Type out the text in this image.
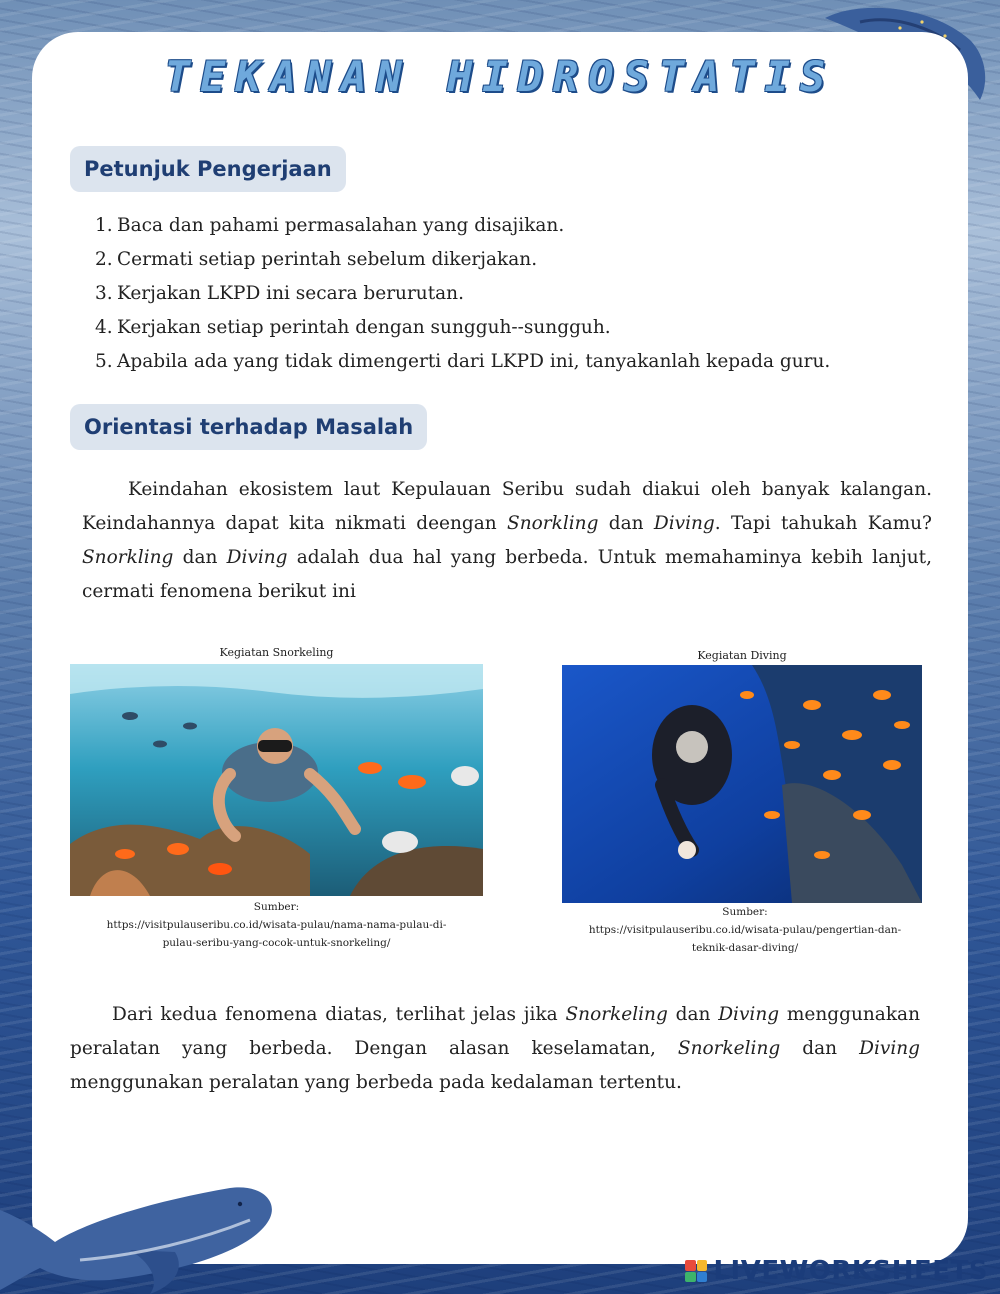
TEKANAN HIDROSTATIS
Petunjuk Pengerjaan
1. Baca dan pahami permasalahan yang disajikan.
2. Cermati setiap perintah sebelum dikerjakan.
3. Kerjakan LKPD ini secara berurutan.
4. Kerjakan setiap perintah dengan sungguh--sungguh.
5. Apabila ada yang tidak dimengerti dari LKPD ini, tanyakanlah kepada guru.
Orientasi terhadap Masalah

Keindahan ekosistem laut Kepulauan Seribu sudah diakui oleh banyak kalangan. Keindahannya dapat kita nikmati deengan Snorkling dan Diving. Tapi tahukah Kamu? Snorkling dan Diving adalah dua hal yang berbeda. Untuk memahaminya kebih lanjut, cermati fenomena berikut ini

Kegiatan Snorkeling
Sumber:
https://visitpulauseribu.co.id/wisata-pulau/nama-nama-pulau-di-pulau-seribu-yang-cocok-untuk-snorkeling/
Kegiatan Diving
Sumber:
https://visitpulauseribu.co.id/wisata-pulau/pengertian-dan-teknik-dasar-diving/

Dari kedua fenomena diatas, terlihat jelas jika Snorkeling dan Diving menggunakan peralatan yang berbeda. Dengan alasan keselamatan, Snorkeling dan Diving menggunakan peralatan yang berbeda pada kedalaman tertentu.

LIVEWORKSHEETS
